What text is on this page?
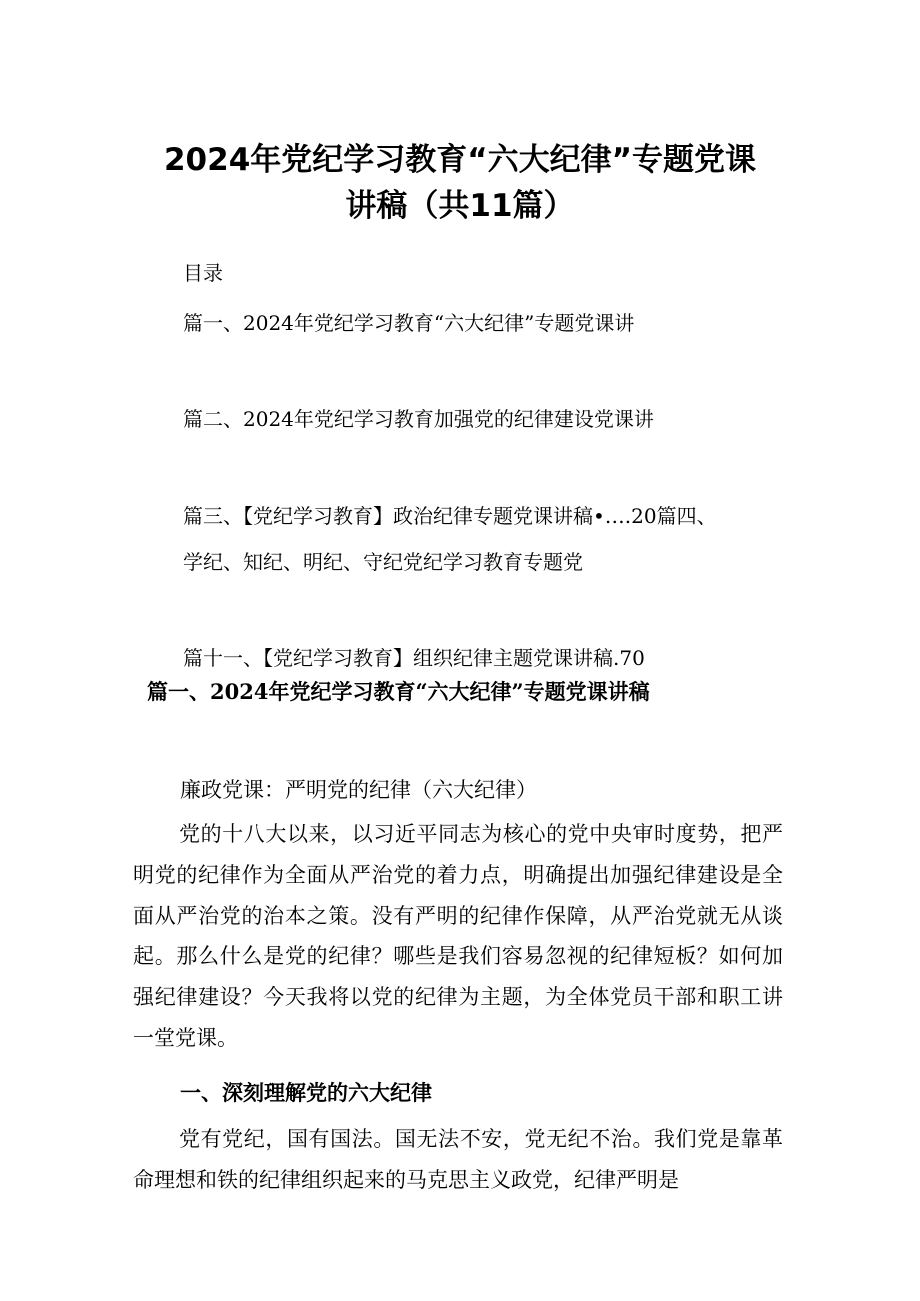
2024年党纪学习教育“六大纪律”专题党课
讲稿（共11篇）
目录
篇一、2024年党纪学习教育“六大纪律”专题党课讲
篇二、2024年党纪学习教育加强党的纪律建设党课讲
篇三、【党纪学习教育】政治纪律专题党课讲稿•….20篇四、
学纪、知纪、明纪、守纪党纪学习教育专题党
篇十一、【党纪学习教育】组织纪律主题党课讲稿.70
篇一、2024年党纪学习教育“六大纪律”专题党课讲稿
廉政党课：严明党的纪律（六大纪律）

党的十八大以来，以习近平同志为核心的党中央审时度势，把严明党的纪律作为全面从严治党的着力点，明确提出加强纪律建设是全面从严治党的治本之策。没有严明的纪律作保障，从严治党就无从谈起。那么什么是党的纪律？哪些是我们容易忽视的纪律短板？如何加强纪律建设？今天我将以党的纪律为主题，为全体党员干部和职工讲一堂党课。

一、深刻理解党的六大纪律

党有党纪，国有国法。国无法不安，党无纪不治。我们党是靠革命理想和铁的纪律组织起来的马克思主义政党，纪律严明是
